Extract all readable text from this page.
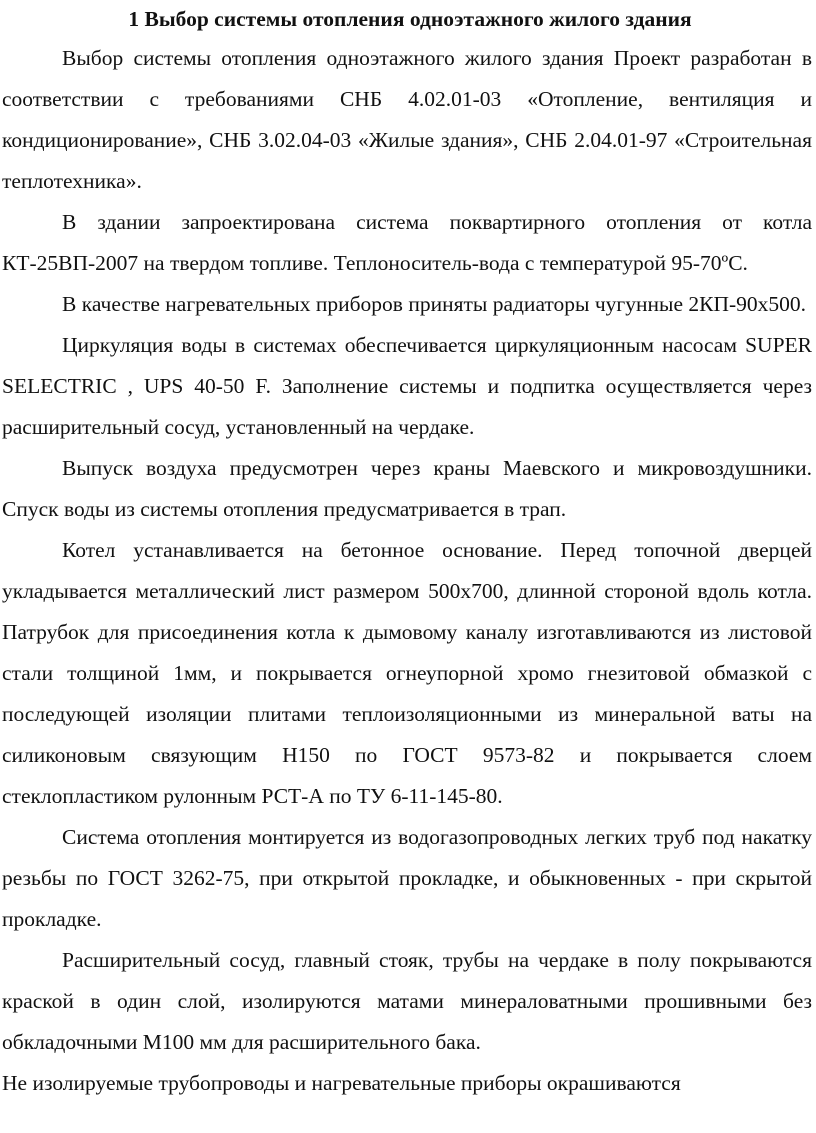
1 Выбор системы отопления одноэтажного жилого здания

Выбор системы отопления одноэтажного жилого здания Проект разработан в соответствии с требованиями СНБ 4.02.01-03 «Отопление, вентиляция и кондиционирование», СНБ 3.02.04-03 «Жилые здания», СНБ 2.04.01-97 «Строительная теплотехника».

В здании запроектирована система поквартирного отопления от котла КТ-25ВП-2007 на твердом топливе. Теплоноситель-вода с температурой 95-70ºС.

В качестве нагревательных приборов приняты радиаторы чугунные 2КП-90х500.

Циркуляция воды в системах обеспечивается циркуляционным насосам SUPER SELECTRIC , UPS 40-50 F. Заполнение системы и подпитка осуществляется через расширительный сосуд, установленный на чердаке.

Выпуск воздуха предусмотрен через краны Маевского и микровоздушники. Спуск воды из системы отопления предусматривается в трап.

Котел устанавливается на бетонное основание. Перед топочной дверцей укладывается металлический лист размером 500х700, длинной стороной вдоль котла. Патрубок для присоединения котла к дымовому каналу изготавливаются из листовой стали толщиной 1мм, и покрывается огнеупорной хромо гнезитовой обмазкой с последующей изоляции плитами теплоизоляционными из минеральной ваты на силиконовым связующим Н150 по ГОСТ 9573-82 и покрывается слоем стеклопластиком рулонным РСТ-А по ТУ 6-11-145-80.

Система отопления монтируется из водогазопроводных легких труб под накатку резьбы по ГОСТ 3262-75, при открытой прокладке, и обыкновенных - при скрытой прокладке.

Расширительный сосуд, главный стояк, трубы на чердаке в полу покрываются краской в один слой, изолируются матами минераловатными прошивными без обкладочными М100 мм для расширительного бака.

Не изолируемые трубопроводы и нагревательные приборы окрашиваются
